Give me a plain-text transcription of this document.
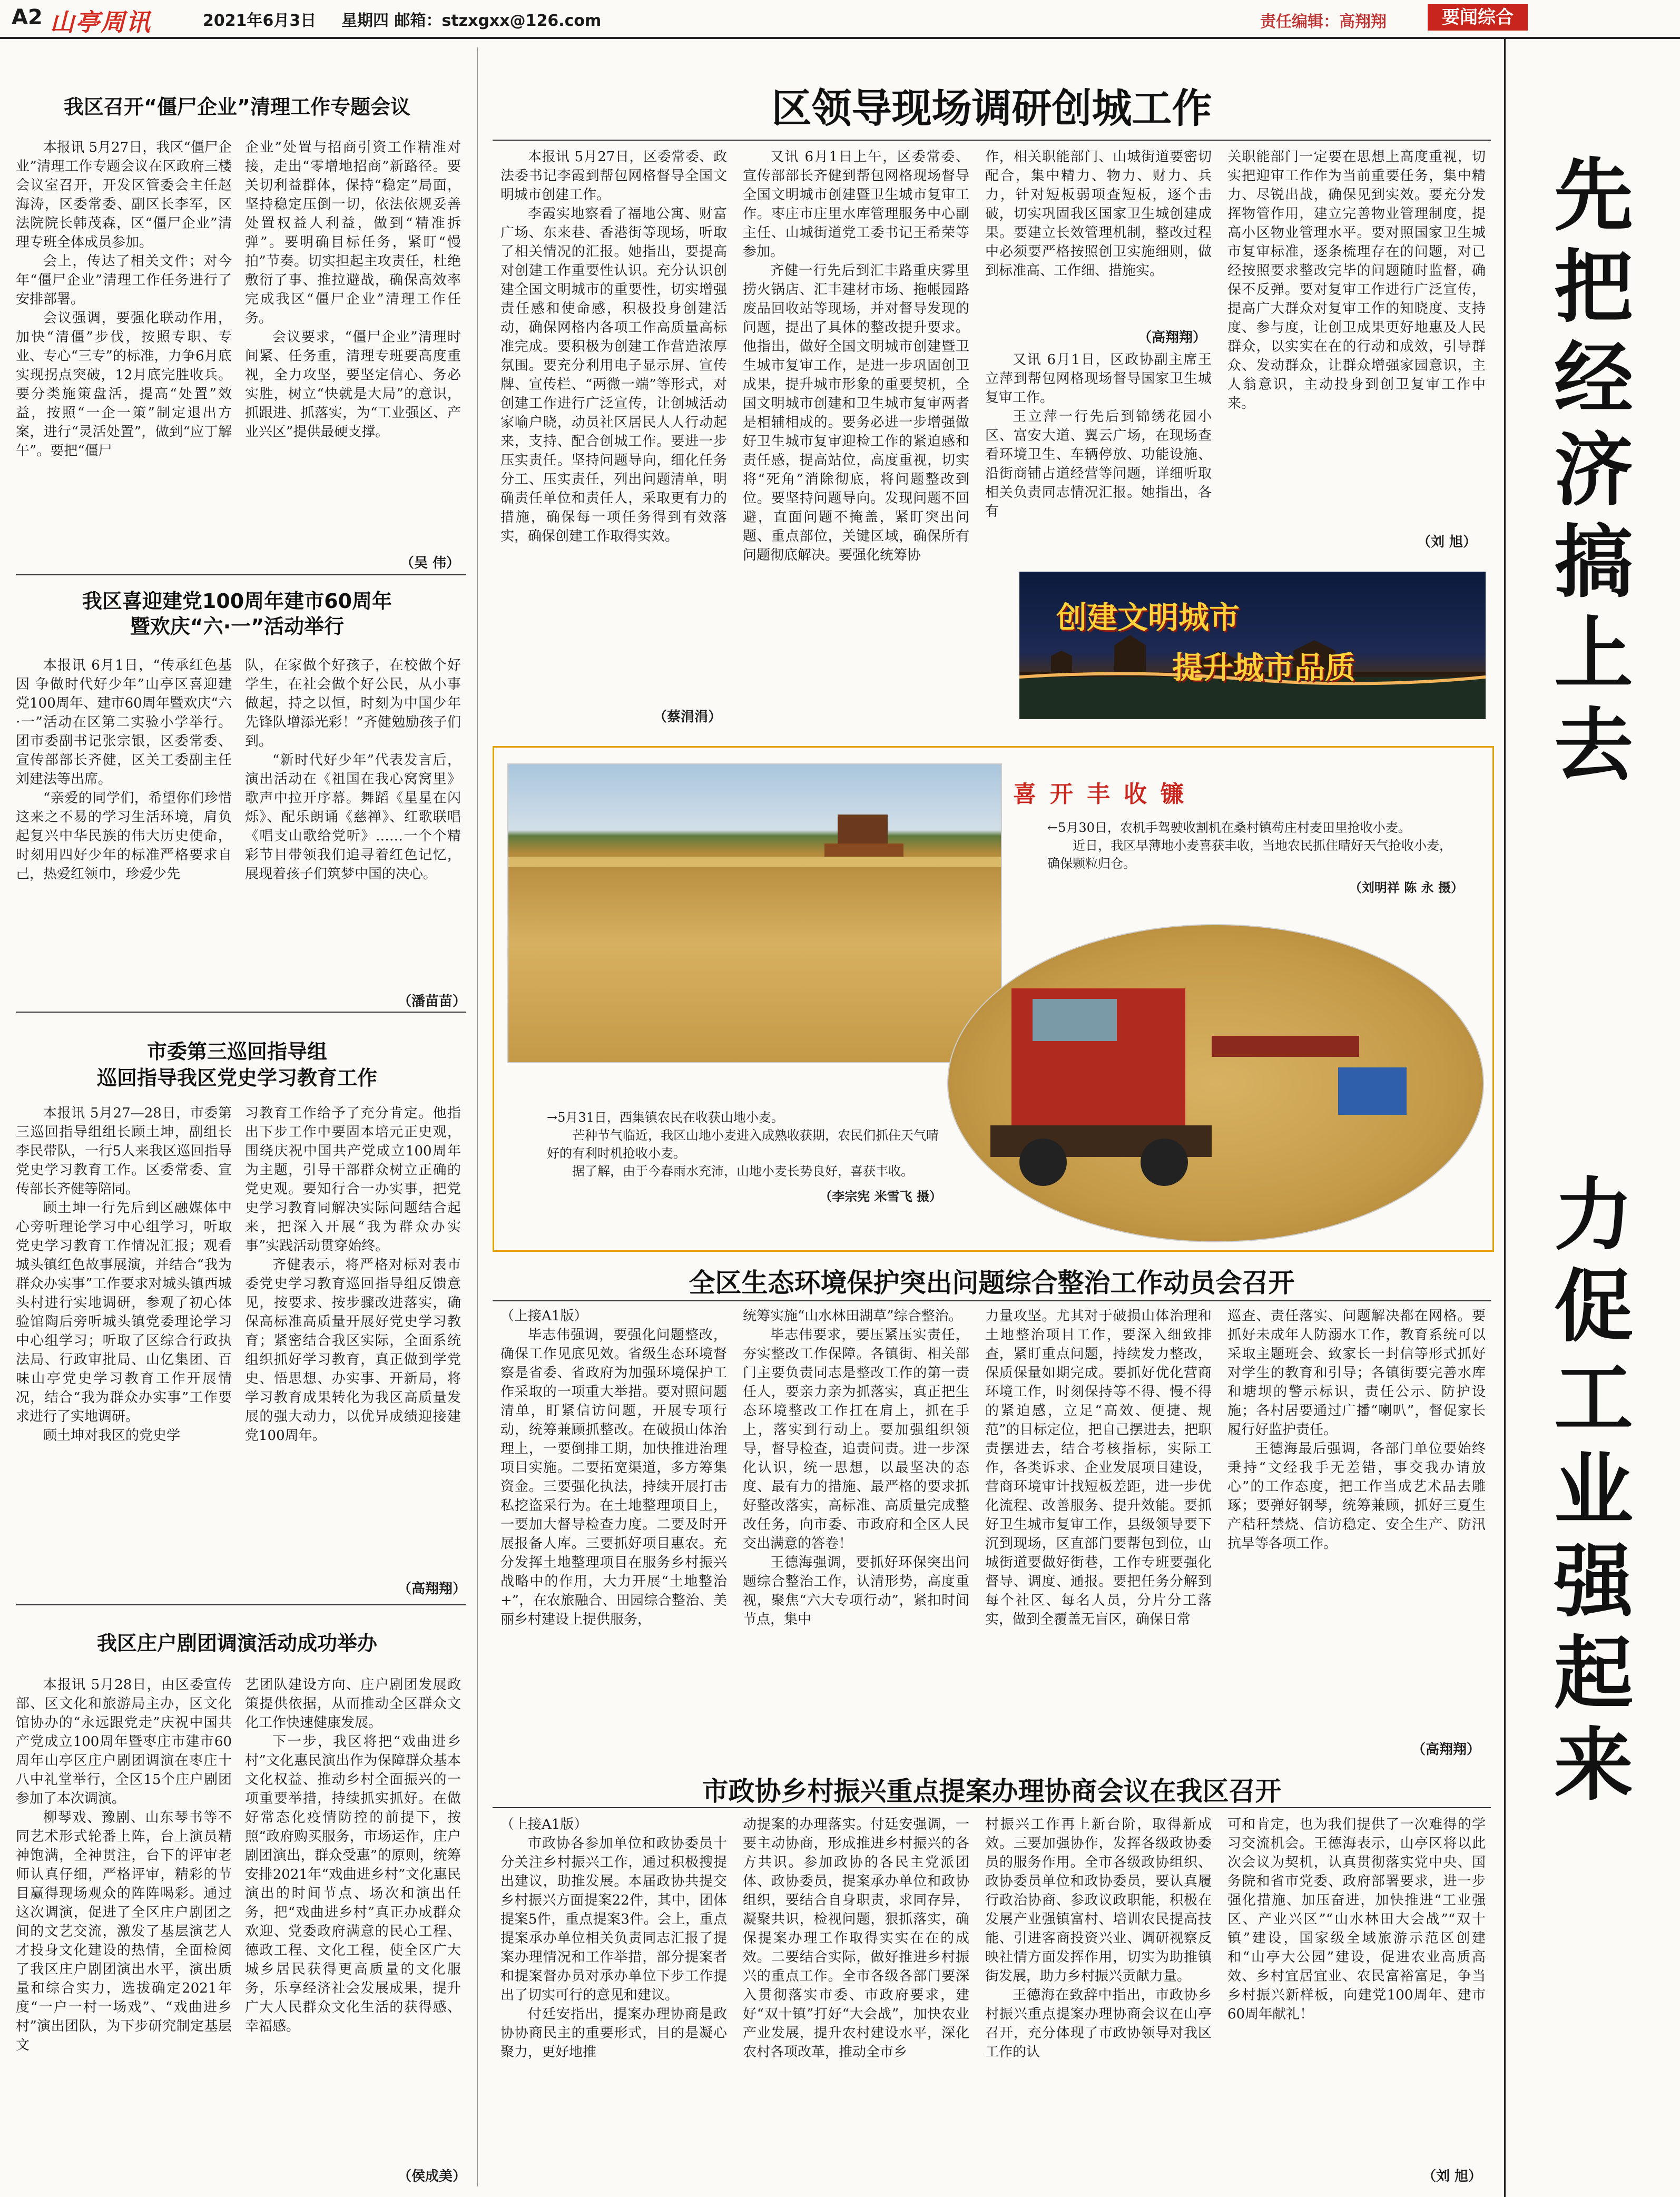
A2 山亭周讯	2021年6月3日 星期四 邮箱：stzxgxx@126.com	责任编辑：高翔翔	要闻综合
先把经济搞上去
力促工业强起来
我区召开“僵尸企业”清理工作专题会议

本报讯 5月27日，我区“僵尸企业”清理工作专题会议在区政府三楼会议室召开，开发区管委会主任赵海涛，区委常委、副区长李军，区法院院长韩茂森，区“僵尸企业”清理专班全体成员参加。

会上，传达了相关文件；对今年“僵尸企业”清理工作任务进行了安排部署。

会议强调，要强化联动作用，加快“清僵”步伐，按照专职、专业、专心“三专”的标准，力争6月底实现拐点突破，12月底完胜收兵。要分类施策盘活，提高“处置”效益，按照“一企一策”制定退出方案，进行“灵活处置”，做到“应丁解午”。要把“僵尸

企业”处置与招商引资工作精准对接，走出“零增地招商”新路径。要关切利益群体，保持“稳定”局面，坚持稳定压倒一切，依法依规妥善处置权益人利益，做到“精准拆弹”。要明确目标任务，紧盯“慢拍”节奏。切实担起主攻责任，杜绝敷衍了事、推拉避战，确保高效率完成我区“僵尸企业”清理工作任务。

会议要求，“僵尸企业”清理时间紧、任务重，清理专班要高度重视，全力攻坚，要坚定信心、务必实胜，树立“快就是大局”的意识，抓跟进、抓落实，为“工业强区、产业兴区”提供最硬支撑。

（吴 伟）
我区喜迎建党100周年建市60周年
暨欢庆“六·一”活动举行

本报讯 6月1日，“传承红色基因 争做时代好少年”山亭区喜迎建党100周年、建市60周年暨欢庆“六·一”活动在区第二实验小学举行。团市委副书记张宗银，区委常委、宣传部部长齐健，区关工委副主任刘建法等出席。

“亲爱的同学们，希望你们珍惜这来之不易的学习生活环境，肩负起复兴中华民族的伟大历史使命，时刻用四好少年的标准严格要求自己，热爱红领巾，珍爱少先

队，在家做个好孩子，在校做个好学生，在社会做个好公民，从小事做起，持之以恒，时刻为中国少年先锋队增添光彩！”齐健勉励孩子们到。

“新时代好少年”代表发言后，演出活动在《祖国在我心窝窝里》歌声中拉开序幕。舞蹈《星星在闪烁》、配乐朗诵《慈禅》、红歌联唱《唱支山歌给党听》……一个个精彩节目带领我们追寻着红色记忆，展现着孩子们筑梦中国的决心。

（潘苗苗）
市委第三巡回指导组
巡回指导我区党史学习教育工作

本报讯 5月27—28日，市委第三巡回指导组组长顾土坤，副组长李民带队，一行5人来我区巡回指导党史学习教育工作。区委常委、宣传部长齐健等陪同。

顾土坤一行先后到区融媒体中心旁听理论学习中心组学习，听取党史学习教育工作情况汇报；观看城头镇红色故事展演，并结合“我为群众办实事”工作要求对城头镇西城头村进行实地调研，参观了初心体验馆陶后旁听城头镇党委理论学习中心组学习；听取了区综合行政执法局、行政审批局、山亿集团、百味山亭党史学习教育工作开展情况，结合“我为群众办实事”工作要求进行了实地调研。

顾土坤对我区的党史学

习教育工作给予了充分肯定。他指出下步工作中要固本培元正史观，围绕庆祝中国共产党成立100周年为主题，引导干部群众树立正确的党史观。要知行合一办实事，把党史学习教育同解决实际问题结合起来，把深入开展“我为群众办实事”实践活动贯穿始终。

齐健表示，将严格对标对表市委党史学习教育巡回指导组反馈意见，按要求、按步骤改进落实，确保高标准高质量开展好党史学习教育；紧密结合我区实际，全面系统组织抓好学习教育，真正做到学党史、悟思想、办实事、开新局，将学习教育成果转化为我区高质量发展的强大动力，以优异成绩迎接建党100周年。

（高翔翔）
我区庄户剧团调演活动成功举办

本报讯 5月28日，由区委宣传部、区文化和旅游局主办，区文化馆协办的“永远跟党走”庆祝中国共产党成立100周年暨枣庄市建市60周年山亭区庄户剧团调演在枣庄十八中礼堂举行，全区15个庄户剧团参加了本次调演。

柳琴戏、豫剧、山东琴书等不同艺术形式轮番上阵，台上演员精神饱满，全神贯注，台下的评审老师认真仔细，严格评审，精彩的节目赢得现场观众的阵阵喝彩。通过这次调演，促进了全区庄户剧团之间的文艺交流，激发了基层演艺人才投身文化建设的热情，全面检阅了我区庄户剧团演出水平，演出质量和综合实力，选拔确定2021年度“一户一村一场戏”、“戏曲进乡村”演出团队，为下步研究制定基层文

艺团队建设方向、庄户剧团发展政策提供依据，从而推动全区群众文化工作快速健康发展。

下一步，我区将把“戏曲进乡村”文化惠民演出作为保障群众基本文化权益、推动乡村全面振兴的一项重要举措，持续抓实抓好。在做好常态化疫情防控的前提下，按照“政府购买服务，市场运作，庄户剧团演出，群众受惠”的原则，统筹安排2021年“戏曲进乡村”文化惠民演出的时间节点、场次和演出任务，把“戏曲进乡村”真正办成群众欢迎、党委政府满意的民心工程、德政工程、文化工程，使全区广大城乡居民获得更高质量的文化服务，乐享经济社会发展成果，提升广大人民群众文化生活的获得感、幸福感。

（侯成美）
区领导现场调研创城工作

本报讯 5月27日，区委常委、政法委书记李霞到帮包网格督导全国文明城市创建工作。

李霞实地察看了福地公寓、财富广场、东来巷、香港街等现场，听取了相关情况的汇报。她指出，要提高对创建工作重要性认识。充分认识创建全国文明城市的重要性，切实增强责任感和使命感，积极投身创建活动，确保网格内各项工作高质量高标准完成。要积极为创建工作营造浓厚氛围。要充分利用电子显示屏、宣传牌、宣传栏、“两微一端”等形式，对创建工作进行广泛宣传，让创城活动家喻户晓，动员社区居民人人行动起来，支持、配合创城工作。要进一步压实责任。坚持问题导向，细化任务分工、压实责任，列出问题清单，明确责任单位和责任人，采取更有力的措施，确保每一项任务得到有效落实，确保创建工作取得实效。

（蔡涓涓）

又讯 6月1日上午，区委常委、宣传部部长齐健到帮包网格现场督导全国文明城市创建暨卫生城市复审工作。枣庄市庄里水库管理服务中心副主任、山城街道党工委书记王希荣等参加。

齐健一行先后到汇丰路重庆雾里捞火锅店、汇丰建材市场、拖帳园路废品回收站等现场，并对督导发现的问题，提出了具体的整改提升要求。他指出，做好全国文明城市创建暨卫生城市复审工作，是进一步巩固创卫成果，提升城市形象的重要契机，全国文明城市创建和卫生城市复审两者是相辅相成的。要务必进一步增强做好卫生城市复审迎检工作的紧迫感和责任感，提高站位，高度重视，切实将“死角”消除彻底，将问题整改到位。要坚持问题导向。发现问题不回避，直面问题不掩盖，紧盯突出问题、重点部位，关键区域，确保所有问题彻底解决。要强化统筹协

作，相关职能部门、山城街道要密切配合，集中精力、物力、财力、兵力，针对短板弱项查短板，逐个击破，切实巩固我区国家卫生城创建成果。要建立长效管理机制，整改过程中必须要严格按照创卫实施细则，做到标准高、工作细、措施实。

（高翔翔）

又讯 6月1日，区政协副主席王立萍到帮包网格现场督导国家卫生城复审工作。

王立萍一行先后到锦绣花园小区、富安大道、翼云广场，在现场查看环境卫生、车辆停放、功能设施、沿街商铺占道经营等问题，详细听取相关负责同志情况汇报。她指出，各有

关职能部门一定要在思想上高度重视，切实把迎审工作作为当前重要任务，集中精力、尽锐出战，确保见到实效。要充分发挥物管作用，建立完善物业管理制度，提高小区物业管理水平。要对照国家卫生城市复审标准，逐条梳理存在的问题，对已经按照要求整改完毕的问题随时监督，确保不反弹。要对复审工作进行广泛宣传，提高广大群众对复审工作的知晓度、支持度、参与度，让创卫成果更好地惠及人民群众，以实实在在的行动和成效，引导群众、发动群众，让群众增强家园意识，主人翁意识，主动投身到创卫复审工作中来。

（刘 旭）
创建文明城市
提升城市品质
喜开丰收镰
←5月30日，农机手驾驶收割机在桑村镇苟庄村麦田里抢收小麦。
近日，我区早薄地小麦喜获丰收，当地农民抓住晴好天气抢收小麦，确保颗粒归仓。
（刘明祥 陈 永 摄）
→5月31日，西集镇农民在收获山地小麦。
芒种节气临近，我区山地小麦进入成熟收获期，农民们抓住天气晴好的有利时机抢收小麦。
据了解，由于今春雨水充沛，山地小麦长势良好，喜获丰收。
（李宗宪 米雪飞 摄）
全区生态环境保护突出问题综合整治工作动员会召开

（上接A1版）

毕志伟强调，要强化问题整改，确保工作见底见效。省级生态环境督察是省委、省政府为加强环境保护工作采取的一项重大举措。要对照问题清单，盯紧信访问题，开展专项行动，统筹兼顾抓整改。在破损山体治理上，一要倒排工期，加快推进治理项目实施。二要拓宽渠道，多方筹集资金。三要强化执法，持续开展打击私挖盗采行为。在土地整理项目上，一要加大督导检查力度。二要及时开展报备人库。三要抓好项目惠农。充分发挥土地整理项目在服务乡村振兴战略中的作用，大力开展“土地整治+”，在农旅融合、田园综合整治、美丽乡村建设上提供服务，

统筹实施“山水林田湖草”综合整治。

毕志伟要求，要压紧压实责任，夯实整改工作保障。各镇街、相关部门主要负责同志是整改工作的第一责任人，要亲力亲为抓落实，真正把生态环境整改工作扛在肩上，抓在手上，落实到行动上。要加强组织领导，督导检查，追责问责。进一步深化认识，统一思想，以最坚决的态度、最有力的措施、最严格的要求抓好整改落实，高标准、高质量完成整改任务，向市委、市政府和全区人民交出满意的答卷！

王德海强调，要抓好环保突出问题综合整治工作，认清形势，高度重视，聚焦“六大专项行动”，紧扣时间节点，集中

力量攻坚。尤其对于破损山体治理和土地整治项目工作，要深入细致排查，紧盯重点问题，持续发力整改，保质保量如期完成。要抓好优化营商环境工作，时刻保持等不得、慢不得的紧迫感，立足“高效、便捷、规范”的目标定位，把自己摆进去，把职责摆进去，结合考核指标，实际工作，各类诉求、企业发展项目建设，营商环境审计找短板差距，进一步优化流程、改善服务、提升效能。要抓好卫生城市复审工作，县级领导要下沉到现场，区直部门要帮包到位，山城街道要做好街巷，工作专班要强化督导、调度、通报。要把任务分解到每个社区、每名人员，分片分工落实，做到全覆盖无盲区，确保日常

巡查、责任落实、问题解决都在网格。要抓好未成年人防溺水工作，教育系统可以采取主题班会、致家长一封信等形式抓好对学生的教育和引导；各镇街要完善水库和塘坝的警示标识，责任公示、防护设施；各村居要通过广播“喇叭”，督促家长履行好监护责任。

王德海最后强调，各部门单位要始终秉持“文经我手无差错，事交我办请放心”的工作态度，把工作当成艺术品去雕琢；要弹好钢琴，统筹兼顾，抓好三夏生产秸秆禁烧、信访稳定、安全生产、防汛抗旱等各项工作。

（高翔翔）
市政协乡村振兴重点提案办理协商会议在我区召开

（上接A1版）

市政协各参加单位和政协委员十分关注乡村振兴工作，通过积极搜提出建议，助推发展。本届政协共提交乡村振兴方面提案22件，其中，团体提案5件，重点提案3件。会上，重点提案承办单位相关负责同志汇报了提案办理情况和工作举措，部分提案者和提案督办员对承办单位下步工作提出了切实可行的意见和建议。

付廷安指出，提案办理协商是政协协商民主的重要形式，目的是凝心聚力，更好地推

动提案的办理落实。付廷安强调，一要主动协商，形成推进乡村振兴的各方共识。参加政协的各民主党派团体、政协委员，提案承办单位和政协组织，要结合自身职责，求同存异，凝聚共识，检视问题，狠抓落实，确保提案办理工作取得实实在在的成效。二要结合实际，做好推进乡村振兴的重点工作。全市各级各部门要深入贯彻落实市委、市政府要求，建好“双十镇”打好“大会战”，加快农业产业发展，提升农村建设水平，深化农村各项改革，推动全市乡

村振兴工作再上新台阶，取得新成效。三要加强协作，发挥各级政协委员的服务作用。全市各级政协组织、政协委员单位和政协委员，要认真履行政治协商、参政议政职能，积极在发展产业强镇富村、培训农民提高技能、引进客商投资兴业、调研视察反映社情方面发挥作用，切实为助推镇街发展，助力乡村振兴贡献力量。

王德海在致辞中指出，市政协乡村振兴重点提案办理协商会议在山亭召开，充分体现了市政协领导对我区工作的认

可和肯定，也为我们提供了一次难得的学习交流机会。王德海表示，山亭区将以此次会议为契机，认真贯彻落实党中央、国务院和省市党委、政府部署要求，进一步强化措施、加压奋进，加快推进“工业强区、产业兴区”“山水林田大会战”“双十镇”建设，国家级全域旅游示范区创建和“山亭大公园”建设，促进农业高质高效、乡村宜居宜业、农民富裕富足，争当乡村振兴新样板，向建党100周年、建市60周年献礼！

（刘 旭）
